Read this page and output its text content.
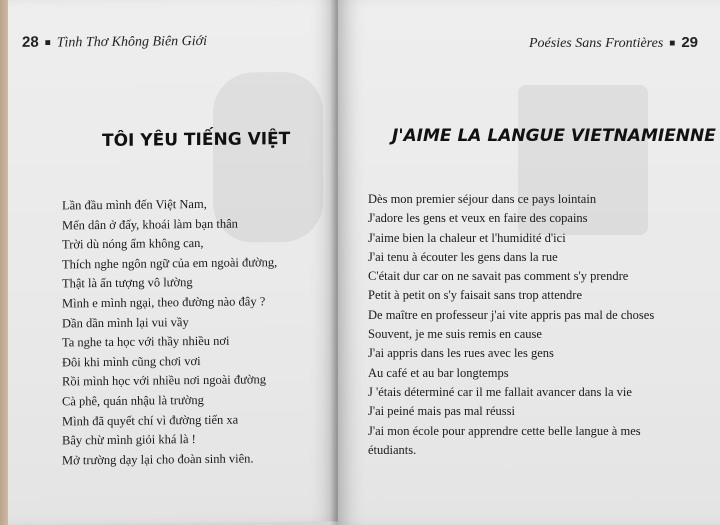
28 ■ Tình Thơ Không Biên Giới
TÔI YÊU TIẾNG VIỆT
Lần đầu mình đến Việt Nam,
Mến dân ở đấy, khoái làm bạn thân
Trời dù nóng ẩm không can,
Thích nghe ngôn ngữ của em ngoài đường,
Thật là ấn tượng vô lường
Mình e mình ngại, theo đường nào đây ?
Dần dần mình lại vui vầy
Ta nghe ta học với thầy nhiều nơi
Đôi khi mình cũng chơi vơi
Rồi mình học với nhiều nơi ngoài đường
Cà phê, quán nhậu là trường
Mình đã quyết chí vì đường tiến xa
Bây chừ mình giỏi khá là !
Mở trường dạy lại cho đoàn sinh viên.
Poésies Sans Frontières ■ 29
J'AIME LA LANGUE VIETNAMIENNE
Dès mon premier séjour dans ce pays lointain
J'adore les gens et veux en faire des copains
J'aime bien la chaleur et l'humidité d'ici
J'ai tenu à écouter les gens dans la rue
C'était dur car on ne savait pas comment s'y prendre
Petit à petit on s'y faisait sans trop attendre
De maître en professeur j'ai vite appris pas mal de choses
Souvent, je me suis remis en cause
J'ai appris dans les rues avec les gens
Au café et au bar longtemps
J 'étais déterminé car il me fallait avancer dans la vie
J'ai peiné mais pas mal réussi
J'ai mon école pour apprendre cette belle langue à mes
étudiants.
